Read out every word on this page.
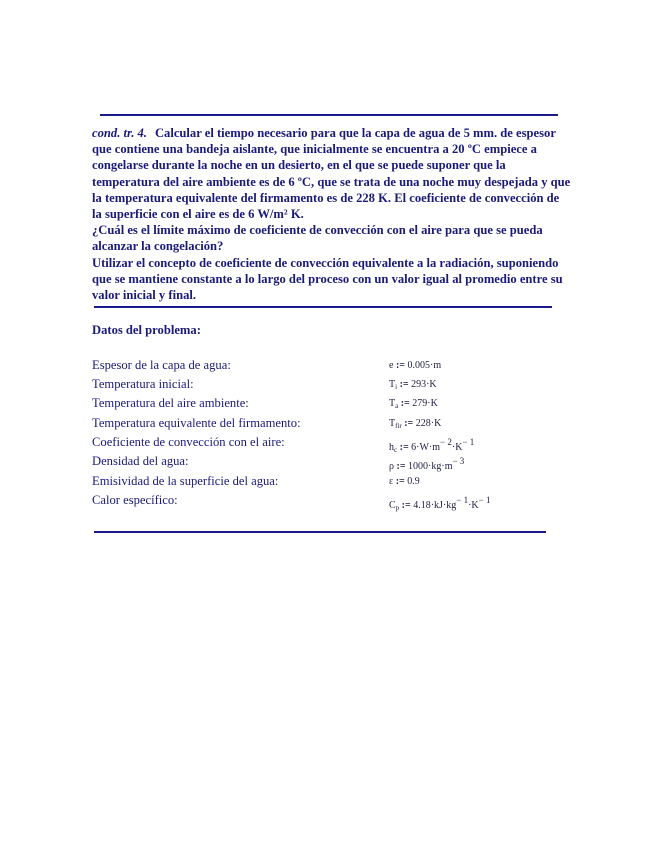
cond. tr. 4. Calcular el tiempo necesario para que la capa de agua de 5 mm. de espesor que contiene una bandeja aislante, que inicialmente se encuentra a 20 ºC empiece a congelarse durante la noche en un desierto, en el que se puede suponer que la temperatura del aire ambiente es de 6 ºC, que se trata de una noche muy despejada y que la temperatura equivalente del firmamento es de 228 K. El coeficiente de convección de la superficie con el aire es de 6 W/m² K.

¿Cuál es el límite máximo de coeficiente de convección con el aire para que se pueda alcanzar la congelación?

Utilizar el concepto de coeficiente de convección equivalente a la radiación, suponiendo que se mantiene constante a lo largo del proceso con un valor igual al promedio entre su valor inicial y final.

Datos del problema:
Espesor de la capa de agua:	e := 0.005·m
Temperatura inicial:	$T_i$ := 293·K
Temperatura del aire ambiente:	$T_a$ := 279·K
Temperatura equivalente del firmamento:	$T_{fir}$ := 228·K
Coeficiente de convección con el aire:	$h_c$ := $6\cdot W\cdot m^{- 2}\cdot K^{- 1}$
Densidad del agua:	ρ := $1000\cdot kg\cdot m^{- 3}$
Emisividad de la superficie del agua:	ε := 0.9
Calor específico:	$C_p$ := $4.18\cdot kJ\cdot kg^{- 1}\cdot K^{- 1}$
